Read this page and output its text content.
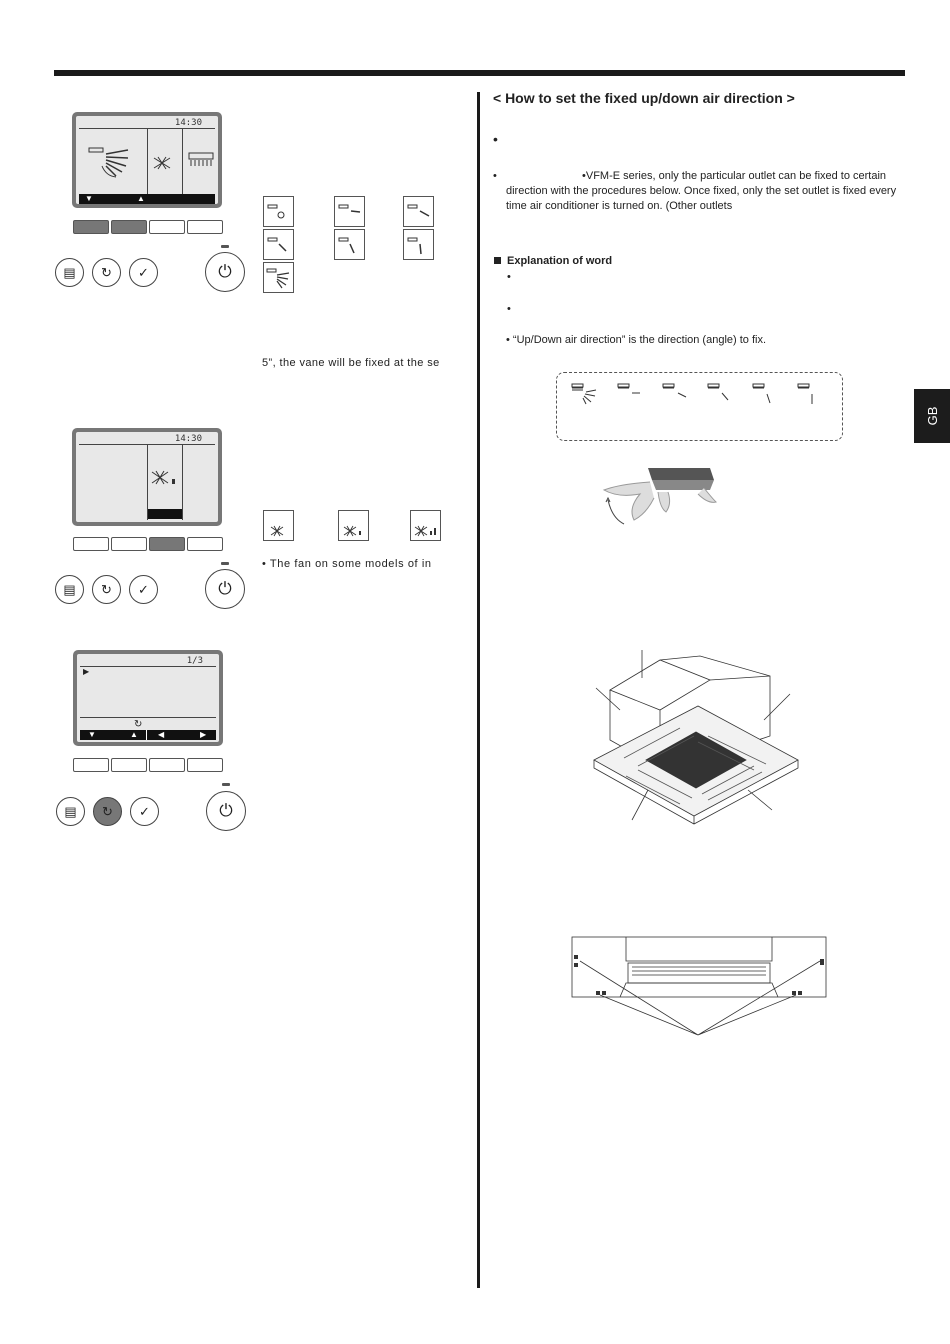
GB
14:30
▼	▲
▤ ↻ ✓	⏻
5”, the vane will be fixed at the se
14:30
▤ ↻ ✓	⏻
• The fan on some models of in
1/3
▶
↻
▼	▲	◀	▶
▤ ↻ ✓	⏻
< How to set the fixed up/down air direction >
•
•	•VFM-E series, only the particular outlet can be fixed to certain direction with the procedures below. Once fixed, only the set outlet is fixed every time air conditioner is turned on. (Other outlets
Explanation of word
•
•
• “Up/Down air direction” is the direction (angle) to fix.
